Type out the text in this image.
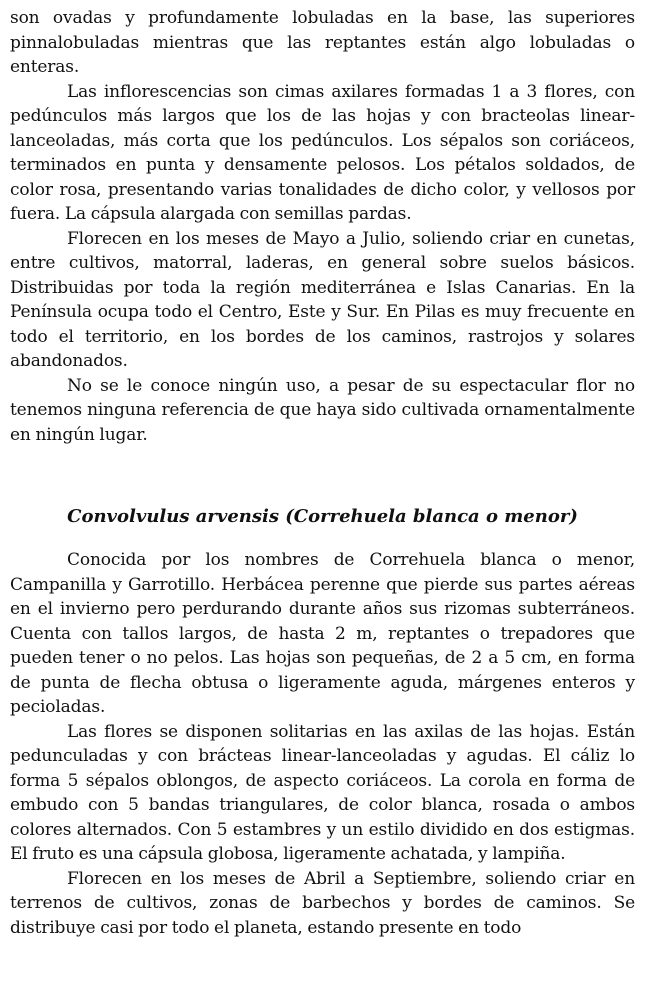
son ovadas y profundamente lobuladas en la base, las superiores pinnalobuladas mientras que las reptantes están algo lobuladas o enteras.

Las inflorescencias son cimas axilares formadas 1 a 3 flores, con pedúnculos más largos que los de las hojas y con bracteolas linear-lanceoladas, más corta que los pedúnculos. Los sépalos son coriáceos, terminados en punta y densamente pelosos. Los pétalos soldados, de color rosa, presentando varias tonalidades de dicho color, y vellosos por fuera. La cápsula alargada con semillas pardas.

Florecen en los meses de Mayo a Julio, soliendo criar en cunetas, entre cultivos, matorral, laderas, en general sobre suelos básicos. Distribuidas por toda la región mediterránea e Islas Canarias. En la Península ocupa todo el Centro, Este y Sur. En Pilas es muy frecuente en todo el territorio, en los bordes de los caminos, rastrojos y solares abandonados.

No se le conoce ningún uso, a pesar de su espectacular flor no tenemos ninguna referencia de que haya sido cultivada ornamentalmente en ningún lugar.

Convolvulus arvensis (Correhuela blanca o menor)

Conocida por los nombres de Correhuela blanca o menor, Campanilla y Garrotillo. Herbácea perenne que pierde sus partes aéreas en el invierno pero perdurando durante años sus rizomas subterráneos. Cuenta con tallos largos, de hasta 2 m, reptantes o trepadores que pueden tener o no pelos. Las hojas son pequeñas, de 2 a 5 cm, en forma de punta de flecha obtusa o ligeramente aguda, márgenes enteros y pecioladas.

Las flores se disponen solitarias en las axilas de las hojas. Están pedunculadas y con brácteas linear-lanceoladas y agudas. El cáliz lo forma 5 sépalos oblongos, de aspecto coriáceos. La corola en forma de embudo con 5 bandas triangulares, de color blanca, rosada o ambos colores alternados. Con 5 estambres y un estilo dividido en dos estigmas. El fruto es una cápsula globosa, ligeramente achatada, y lampiña.

Florecen en los meses de Abril a Septiembre, soliendo criar en terrenos de cultivos, zonas de barbechos y bordes de caminos. Se distribuye casi por todo el planeta, estando presente en todo
